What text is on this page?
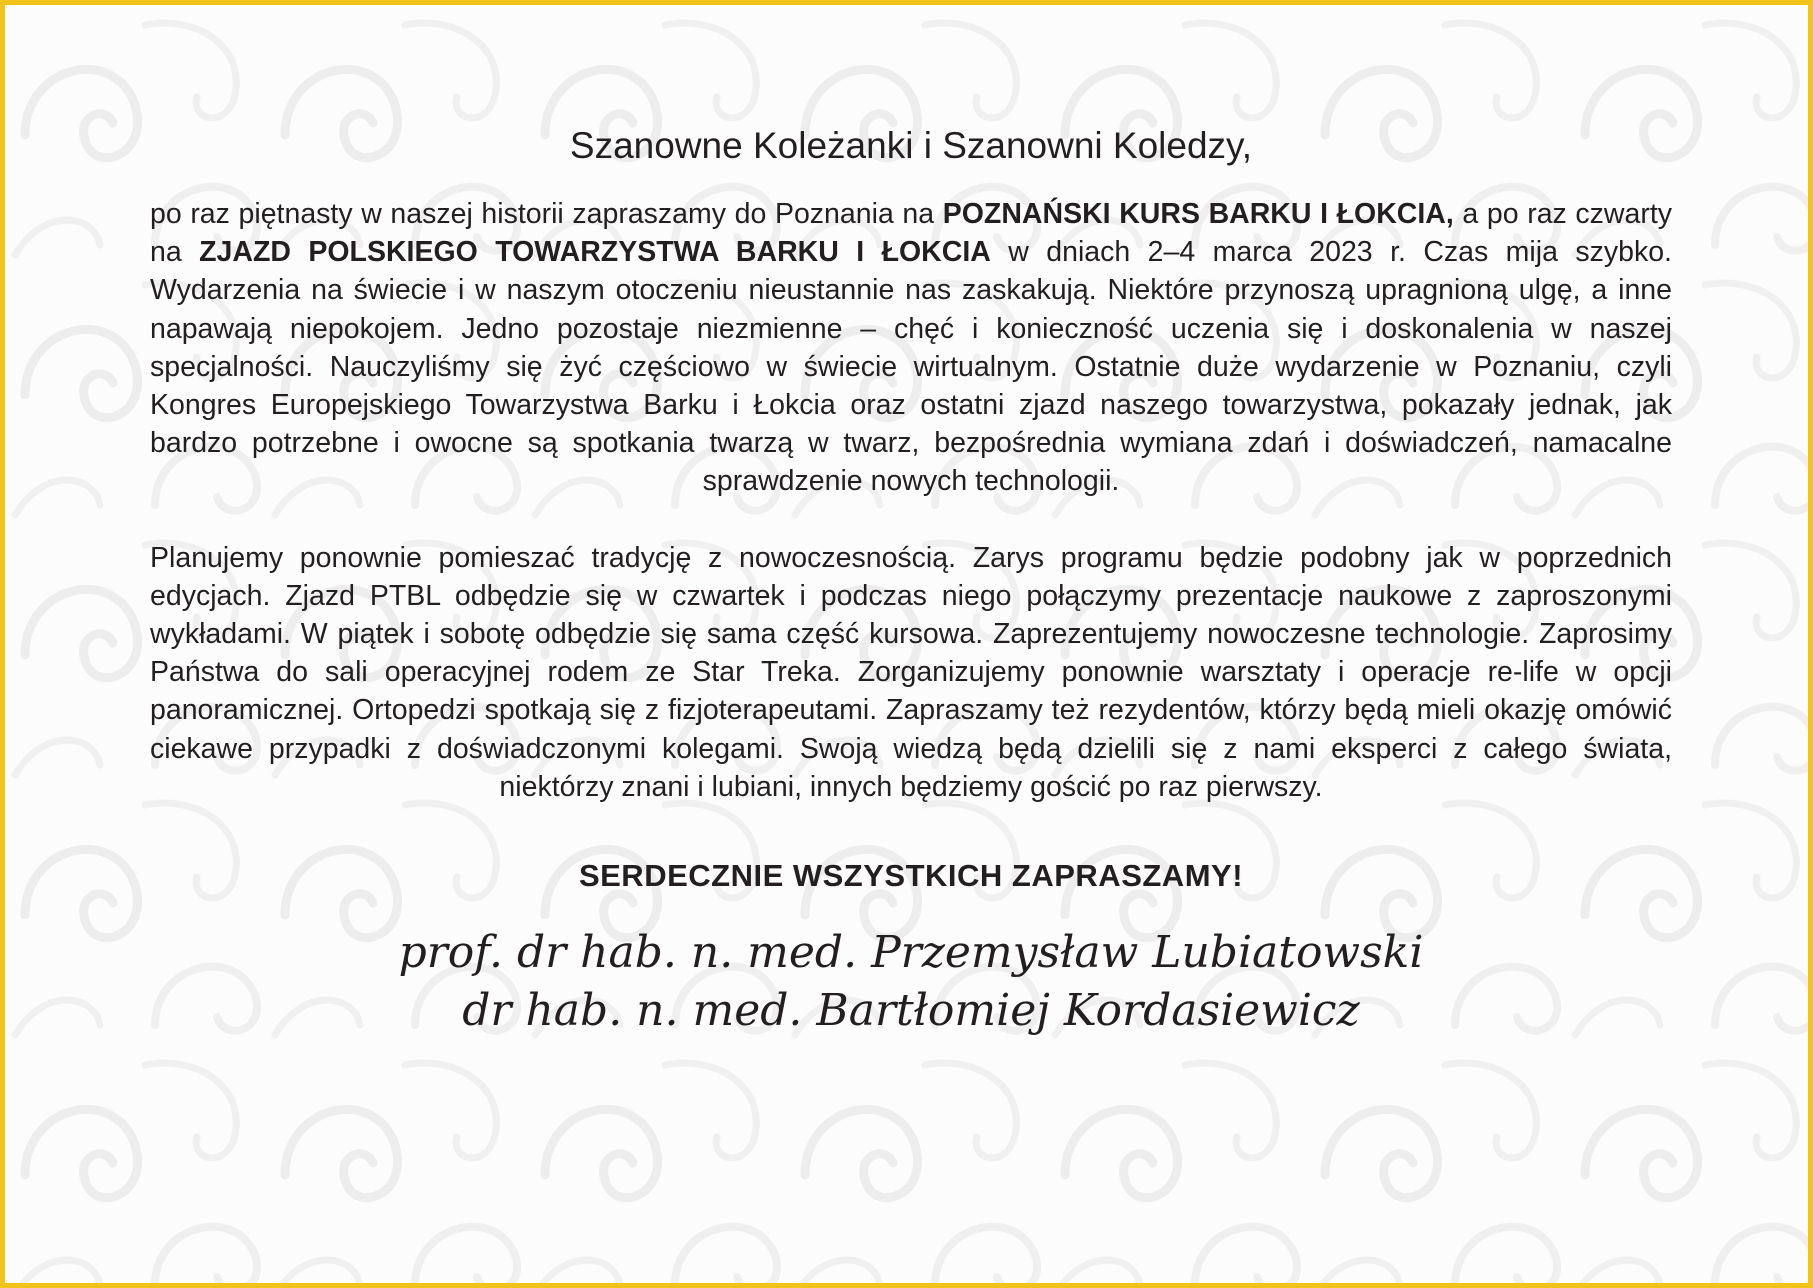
Szanowne Koleżanki i Szanowni Koledzy,

po raz piętnasty w naszej historii zapraszamy do Poznania na POZNAŃSKI KURS BARKU I ŁOKCIA, a po raz czwarty na ZJAZD POLSKIEGO TOWARZYSTWA BARKU I ŁOKCIA w dniach 2–4 marca 2023 r. Czas mija szybko. Wydarzenia na świecie i w naszym otoczeniu nieustannie nas zaskakują. Niektóre przynoszą upragnioną ulgę, a inne napawają niepokojem. Jedno pozostaje niezmienne – chęć i konieczność uczenia się i doskonalenia w naszej specjalności. Nauczyliśmy się żyć częściowo w świecie wirtualnym. Ostatnie duże wydarzenie w Poznaniu, czyli Kongres Europejskiego Towarzystwa Barku i Łokcia oraz ostatni zjazd naszego towarzystwa, pokazały jednak, jak bardzo potrzebne i owocne są spotkania twarzą w twarz, bezpośrednia wymiana zdań i doświadczeń, namacalne sprawdzenie nowych technologii.

Planujemy ponownie pomieszać tradycję z nowoczesnością. Zarys programu będzie podobny jak w poprzednich edycjach. Zjazd PTBL odbędzie się w czwartek i podczas niego połączymy prezentacje naukowe z zaproszonymi wykładami. W piątek i sobotę odbędzie się sama część kursowa. Zaprezentujemy nowoczesne technologie. Zaprosimy Państwa do sali operacyjnej rodem ze Star Treka. Zorganizujemy ponownie warsztaty i operacje re-life w opcji panoramicznej. Ortopedzi spotkają się z fizjoterapeutami. Zapraszamy też rezydentów, którzy będą mieli okazję omówić ciekawe przypadki z doświadczonymi kolegami. Swoją wiedzą będą dzielili się z nami eksperci z całego świata, niektórzy znani i lubiani, innych będziemy gościć po raz pierwszy.

SERDECZNIE WSZYSTKICH ZAPRASZAMY!

prof. dr hab. n. med. Przemysław Lubiatowski
dr hab. n. med. Bartłomiej Kordasiewicz
